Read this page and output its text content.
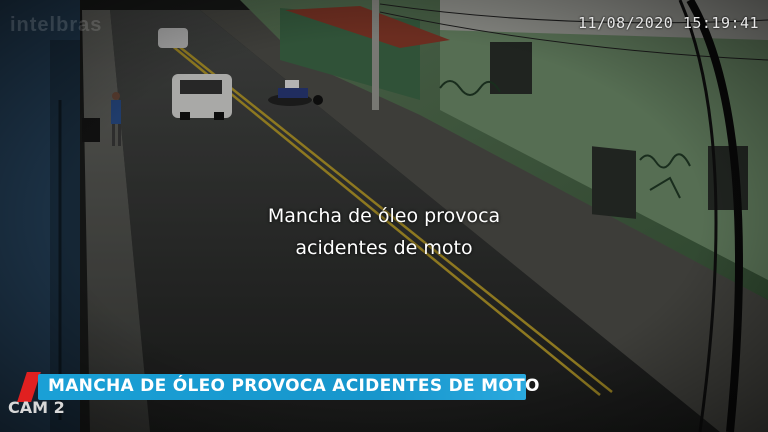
intelbras	11/08/2020 15:19:41
Mancha de óleo provoca
acidentes de moto
MANCHA DE ÓLEO PROVOCA ACIDENTES DE MOTO
CAM 2
